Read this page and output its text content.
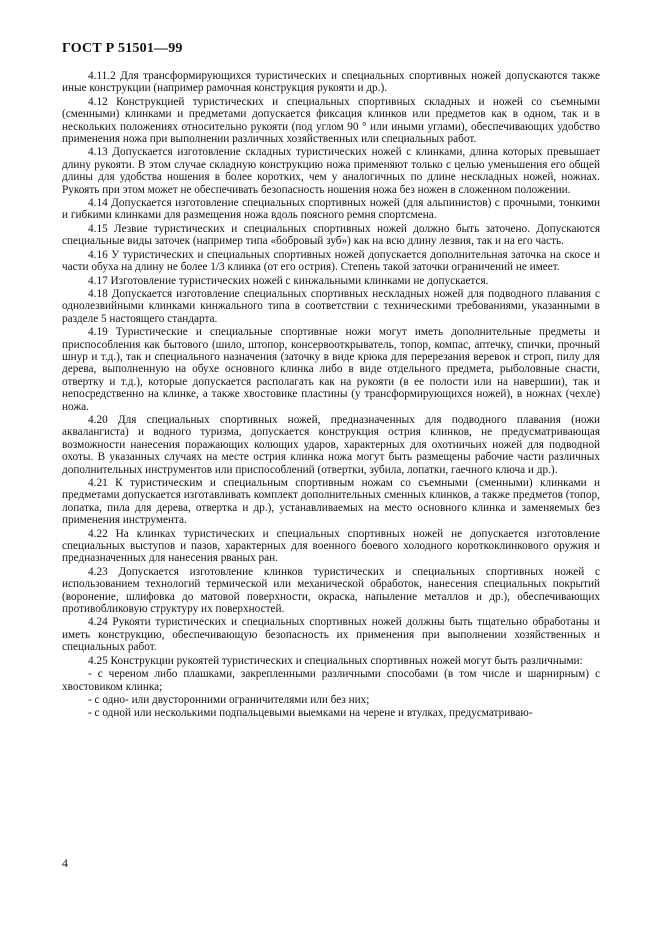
ГОСТ Р 51501—99

4.11.2 Для трансформирующихся туристических и специальных спортивных ножей допускаются также иные конструкции (например рамочная конструкция рукояти и др.).

4.12 Конструкцией туристических и специальных спортивных складных и ножей со съемными (сменными) клинками и предметами допускается фиксация клинков или предметов как в одном, так и в нескольких положениях относительно рукояти (под углом 90 ° или иными углами), обеспечивающих удобство применения ножа при выполнении различных хозяйственных или специальных работ.

4.13 Допускается изготовление складных туристических ножей с клинками, длина которых превышает длину рукояти. В этом случае складную конструкцию ножа применяют только с целью уменьшения его общей длины для удобства ношения в более коротких, чем у аналогичных по длине нескладных ножей, ножнах. Рукоять при этом может не обеспечивать безопасность ношения ножа без ножен в сложенном положении.

4.14 Допускается изготовление специальных спортивных ножей (для альпинистов) с прочными, тонкими и гибкими клинками для размещения ножа вдоль поясного ремня спортсмена.

4.15 Лезвие туристических и специальных спортивных ножей должно быть заточено. Допускаются специальные виды заточек (например типа «бобровый зуб») как на всю длину лезвия, так и на его часть.

4.16 У туристических и специальных спортивных ножей допускается дополнительная заточка на скосе и части обуха на длину не более 1/3 клинка (от его острия). Степень такой заточки ограничений не имеет.

4.17 Изготовление туристических ножей с кинжальными клинками не допускается.

4.18 Допускается изготовление специальных спортивных нескладных ножей для подводного плавания с однолезвийными клинками кинжального типа в соответствии с техническими требованиями, указанными в разделе 5 настоящего стандарта.

4.19 Туристические и специальные спортивные ножи могут иметь дополнительные предметы и приспособления как бытового (шило, штопор, консервооткрыватель, топор, компас, аптечку, спички, прочный шнур и т.д.), так и специального назначения (заточку в виде крюка для перерезания веревок и строп, пилу для дерева, выполненную на обухе основного клинка либо в виде отдельного предмета, рыболовные снасти, отвертку и т.д.), которые допускается располагать как на рукояти (в ее полости или на навершии), так и непосредственно на клинке, а также хвостовике пластины (у трансформирующихся ножей), в ножнах (чехле) ножа.

4.20 Для специальных спортивных ножей, предназначенных для подводного плавания (ножи аквалангиста) и водного туризма, допускается конструкция острия клинков, не предусматривающая возможности нанесения поражающих колющих ударов, характерных для охотничьих ножей для подводной охоты. В указанных случаях на месте острия клинка ножа могут быть размещены рабочие части различных дополнительных инструментов или приспособлений (отвертки, зубила, лопатки, гаечного ключа и др.).

4.21 К туристическим и специальным спортивным ножам со съемными (сменными) клинками и предметами допускается изготавливать комплект дополнительных сменных клинков, а также предметов (топор, лопатка, пила для дерева, отвертка и др.), устанавливаемых на место основного клинка и заменяемых без применения инструмента.

4.22 На клинках туристических и специальных спортивных ножей не допускается изготовление специальных выступов и пазов, характерных для военного боевого холодного короткоклинкового оружия и предназначенных для нанесения рваных ран.

4.23 Допускается изготовление клинков туристических и специальных спортивных ножей с использованием технологий термической или механической обработок, нанесения специальных покрытий (воронение, шлифовка до матовой поверхности, окраска, напыление металлов и др.), обеспечивающих противобликовую структуру их поверхностей.

4.24 Рукояти туристических и специальных спортивных ножей должны быть тщательно обработаны и иметь конструкцию, обеспечивающую безопасность их применения при выполнении хозяйственных и специальных работ.

4.25 Конструкции рукоятей туристических и специальных спортивных ножей могут быть различными:

- с череном либо плашками, закрепленными различными способами (в том числе и шарнирным) с хвостовиком клинка;

- с одно- или двусторонними ограничителями или без них;

- с одной или несколькими подпальцевыми выемками на черене и втулках, предусматриваю-

4
